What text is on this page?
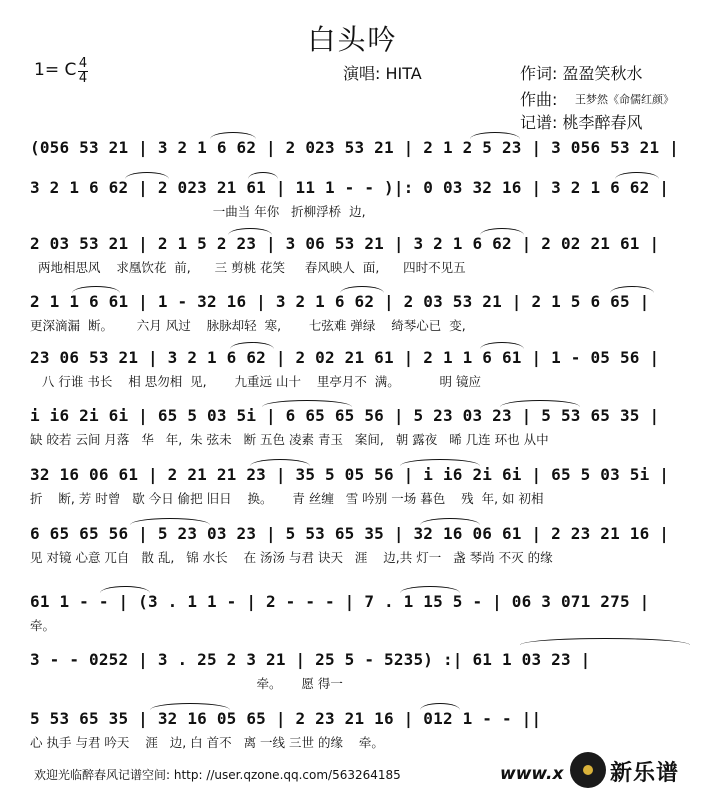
白头吟
1= C 4
4	演唱: HITA	作词: 盈盈笑秋水
作曲: 王梦然《命儒红颜》
记谱: 桃李醉春风
(056 53 21 | 3 2 1 6 62 | 2 023 53 21 | 2 1 2 5 23 | 3 056 53 21 |
3 2 1 6 62 | 2 023 21 61 | 11 1 - - )|: 0 03 32 16 | 3 2 1 6 62 |
一曲当 年你   折柳浮桥  边,
2 03 53 21 | 2 1 5 2 23 | 3 06 53 21 | 3 2 1 6 62 | 2 02 21 61 |
两地相思风    求凰饮花  前,      三 剪桃 花笑     春风映人  面,      四时不见五
2 1 1 6 61 | 1 - 32 16 | 3 2 1 6 62 | 2 03 53 21 | 2 1 5 6 65 |
更深滴漏  断。      六月 风过    脉脉却轻  寒,       七弦难 弹绿    绮琴心已  变,
23 06 53 21 | 3 2 1 6 62 | 2 02 21 61 | 2 1 1 6 61 | 1 - 05 56 |
八 行谁 书长    相 思勿相  见,       九重远 山十    里亭月不  满。          明 镜应
i i6 2i 6i | 65 5 03 5i | 6 65 65 56 | 5 23 03 23 | 5 53 65 35 |
缺 皎若 云间 月落   华   年,  朱 弦未   断 五色 凌素 青玉   案间,   朝 露夜   晞 几连 环也 从中
32 16 06 61 | 2 21 21 23 | 35 5 05 56 | i i6 2i 6i | 65 5 03 5i |
折    断, 芳 时曾   歇 今日 偷把 旧日    换。     青 丝缠   雪 吟别 一场 暮色    残  年, 如 初相
6 65 65 56 | 5 23 03 23 | 5 53 65 35 | 32 16 06 61 | 2 23 21 16 |
见 对镜 心意 兀自   散 乱,   锦 水长    在 汤汤 与君 诀天   涯    边,共 灯一   盏 琴尚 不灭 的缘
61 1 - - | (3 . 1 1 - | 2 - - - | 7 . 1 15 5 - | 06 3 071 275 |
牵。
3 - - 0252 | 3 . 25 2 3 21 | 25 5 - 5235) :| 61 1 03 23 |
牵。     愿 得一
5 53 65 35 | 32 16 05 65 | 2 23 21 16 | 012 1 - - ||
心 执手 与君 吟天    涯   边, 白 首不   离 一线 三世 的缘    牵。
欢迎光临醉春风记谱空间: http: //user.qzone.qq.com/563264185	www.x 新乐谱
